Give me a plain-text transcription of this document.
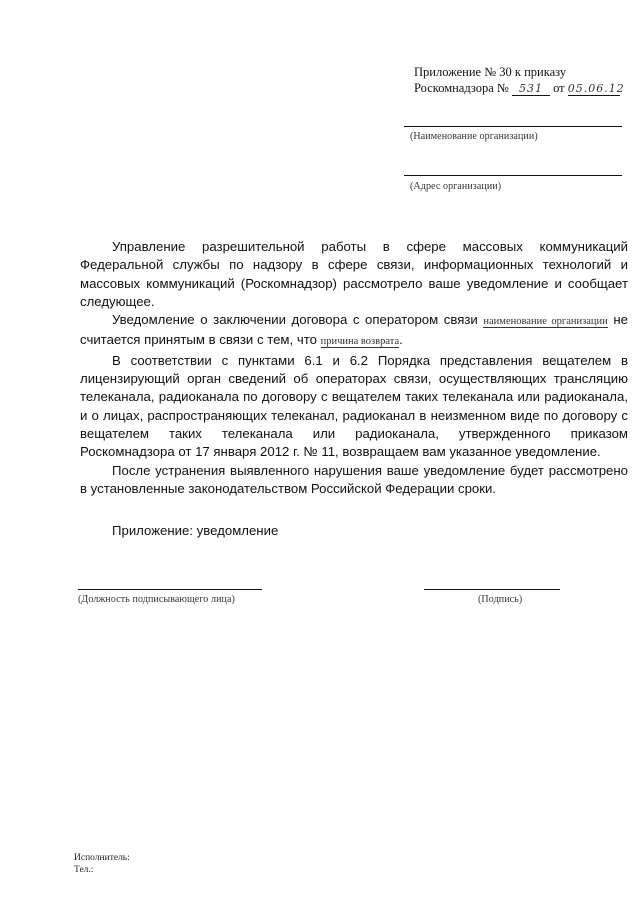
Приложение № 30 к приказу
Роскомнадзора № 531 от 05.06.12
(Наименование организации)
(Адрес организации)

Управление разрешительной работы в сфере массовых коммуникаций Федеральной службы по надзору в сфере связи, информационных технологий и массовых коммуникаций (Роскомнадзор) рассмотрело ваше уведомление и сообщает следующее.

Уведомление о заключении договора с оператором связи наименование организации не считается принятым в связи с тем, что причина возврата.

В соответствии с пунктами 6.1 и 6.2 Порядка представления вещателем в лицензирующий орган сведений об операторах связи, осуществляющих трансляцию телеканала, радиоканала по договору с вещателем таких телеканала или радиоканала, и о лицах, распространяющих телеканал, радиоканал в неизменном виде по договору с вещателем таких телеканала или радиоканала, утвержденного приказом Роскомнадзора от 17 января 2012 г. № 11, возвращаем вам указанное уведомление.

После устранения выявленного нарушения ваше уведомление будет рассмотрено в установленные законодательством Российской Федерации сроки.

Приложение: уведомление
(Должность подписывающего лица)	(Подпись)
Исполнитель:
Тел.:
